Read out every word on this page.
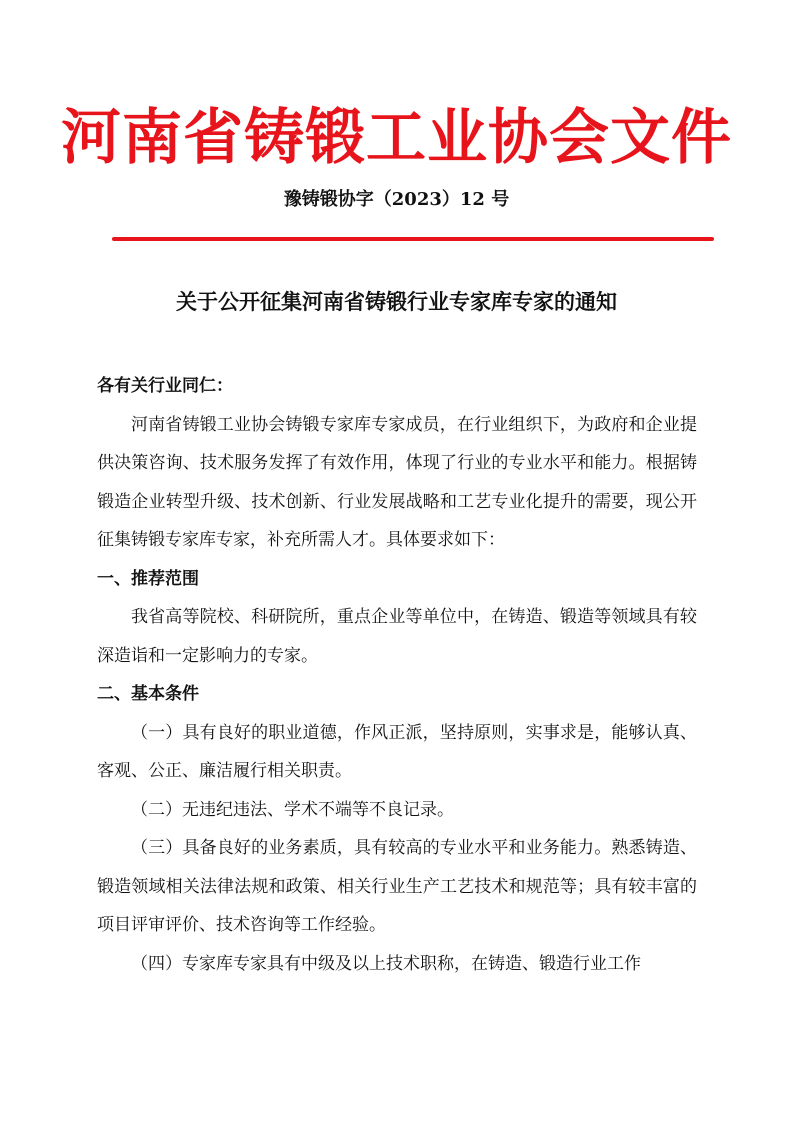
河南省铸锻工业协会文件
豫铸锻协字（2023）12 号
关于公开征集河南省铸锻行业专家库专家的通知

各有关行业同仁：

河南省铸锻工业协会铸锻专家库专家成员，在行业组织下，为政府和企业提供决策咨询、技术服务发挥了有效作用，体现了行业的专业水平和能力。根据铸锻造企业转型升级、技术创新、行业发展战略和工艺专业化提升的需要，现公开征集铸锻专家库专家，补充所需人才。具体要求如下：

一、推荐范围

我省高等院校、科研院所，重点企业等单位中，在铸造、锻造等领域具有较深造诣和一定影响力的专家。

二、基本条件

（一）具有良好的职业道德，作风正派，坚持原则，实事求是，能够认真、客观、公正、廉洁履行相关职责。

（二）无违纪违法、学术不端等不良记录。

（三）具备良好的业务素质，具有较高的专业水平和业务能力。熟悉铸造、锻造领域相关法律法规和政策、相关行业生产工艺技术和规范等；具有较丰富的项目评审评价、技术咨询等工作经验。

（四）专家库专家具有中级及以上技术职称，在铸造、锻造行业工作
